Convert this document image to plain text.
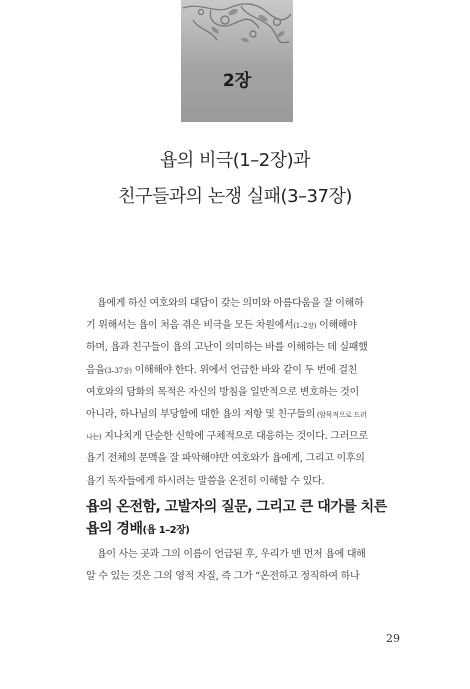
2장
욥의 비극(1–2장)과
친구들과의 논쟁 실패(3–37장)
욥에게 하신 여호와의 대답이 갖는 의미와 아름다움을 잘 이해하
기 위해서는 욥이 처음 겪은 비극을 모든 차원에서(1–2장) 이해해야
하며, 욥과 친구들이 욥의 고난이 의미하는 바를 이해하는 데 실패했
음을(3–37장) 이해해야 한다. 위에서 언급한 바와 같이 두 번에 걸친
여호와의 담화의 목적은 자신의 방침을 일반적으로 변호하는 것이
아니라, 하나님의 부당함에 대한 욥의 저항 및 친구들의 (암묵적으로 드러
나는) 지나치게 단순한 신학에 구체적으로 대응하는 것이다. 그러므로
욥기 전체의 문맥을 잘 파악해야만 여호와가 욥에게, 그리고 이후의
욥기 독자들에게 하시려는 말씀을 온전히 이해할 수 있다.
욥의 온전함, 고발자의 질문, 그리고 큰 대가를 치른
욥의 경배(욥 1–2장)
욥이 사는 곳과 그의 이름이 언급된 후, 우리가 맨 먼저 욥에 대해
알 수 있는 것은 그의 영적 자질, 즉 그가 “온전하고 정직하여 하나
29
